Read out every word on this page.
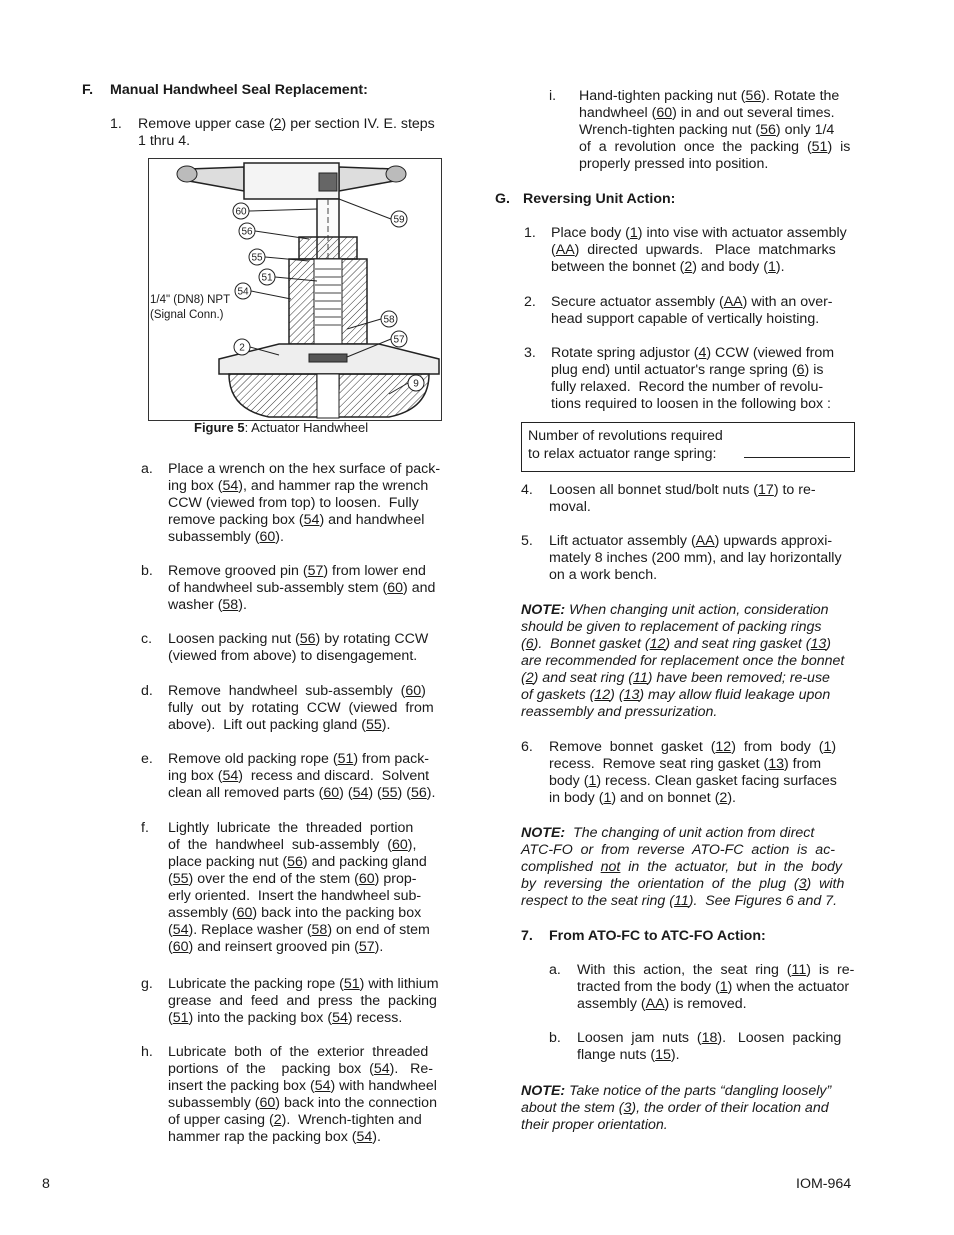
F. Manual Handwheel Seal Replacement:
1. Remove upper case (2) per section IV. E. steps
1 thru 4.
60
56
55
51
54
2
59
58
57
9
1/4" (DN8) NPT
(Signal Conn.)
Figure 5: Actuator Handwheel
a. Place a wrench on the hex surface of pack-
ing box (54), and hammer rap the wrench
CCW (viewed from top) to loosen.  Fully
remove packing box (54) and handwheel
subassembly (60).
b. Remove grooved pin (57) from lower end
of handwheel sub-assembly stem (60) and
washer (58).
c. Loosen packing nut (56) by rotating CCW
(viewed from above) to disengagement.
d. Remove  handwheel  sub-assembly  (60)
fully  out  by  rotating  CCW  (viewed  from
above).  Lift out packing gland (55).
e. Remove old packing rope (51) from pack-
ing box (54)  recess and discard.  Solvent
clean all removed parts (60) (54) (55) (56).
f. Lightly  lubricate  the  threaded  portion
of  the  handwheel  sub-assembly  (60),
place packing nut (56) and packing gland
(55) over the end of the stem (60) prop-
erly oriented.  Insert the handwheel sub-
assembly (60) back into the packing box
(54). Replace washer (58) on end of stem
(60) and reinsert grooved pin (57).
g. Lubricate the packing rope (51) with lithium
grease  and  feed  and  press  the  packing
(51) into the packing box (54) recess.
h. Lubricate  both  of  the  exterior  threaded
portions  of  the    packing  box  (54).   Re-
insert the packing box (54) with handwheel
subassembly (60) back into the connection
of upper casing (2).  Wrench-tighten and
hammer rap the packing box (54).
i. Hand-tighten packing nut (56). Rotate the
handwheel (60) in and out several times.
Wrench-tighten packing nut (56) only 1/4
of  a  revolution  once  the  packing  (51)  is
properly pressed into position.
G. Reversing Unit Action:
1. Place body (1) into vise with actuator assembly
(AA)  directed  upwards.   Place  matchmarks
between the bonnet (2) and body (1).
2. Secure actuator assembly (AA) with an over-
head support capable of vertically hoisting.
3. Rotate spring adjustor (4) CCW (viewed from
plug end) until actuator's range spring (6) is
fully relaxed.  Record the number of revolu-
tions required to loosen in the following box :
Number of revolutions required
to relax actuator range spring:
4. Loosen all bonnet stud/bolt nuts (17) to re-
moval.
5. Lift actuator assembly (AA) upwards approxi-
mately 8 inches (200 mm), and lay horizontally
on a work bench.
NOTE: When changing unit action, consideration
should be given to replacement of packing rings
(6).  Bonnet gasket (12) and seat ring gasket (13)
are recommended for replacement once the bonnet
(2) and seat ring (11) have been removed; re-use
of gaskets (12) (13) may allow fluid leakage upon
reassembly and pressurization.
6. Remove  bonnet  gasket  (12)  from  body  (1)
recess.  Remove seat ring gasket (13) from
body (1) recess. Clean gasket facing surfaces
in body (1) and on bonnet (2).
NOTE:  The changing of unit action from direct
ATC-FO  or  from  reverse  ATO-FC  action  is  ac-
complished  not  in  the  actuator,  but  in  the  body
by  reversing  the  orientation  of  the  plug  (3)  with
respect to the seat ring (11).  See Figures 6 and 7.
7. From ATO-FC to ATC-FO Action:
a. With  this  action,  the  seat  ring  (11)  is  re-
tracted from the body (1) when the actuator
assembly (AA) is removed.
b. Loosen  jam  nuts  (18).   Loosen  packing
flange nuts (15).
NOTE: Take notice of the parts “dangling loosely”
about the stem (3), the order of their location and
their proper orientation.
8	IOM-964
